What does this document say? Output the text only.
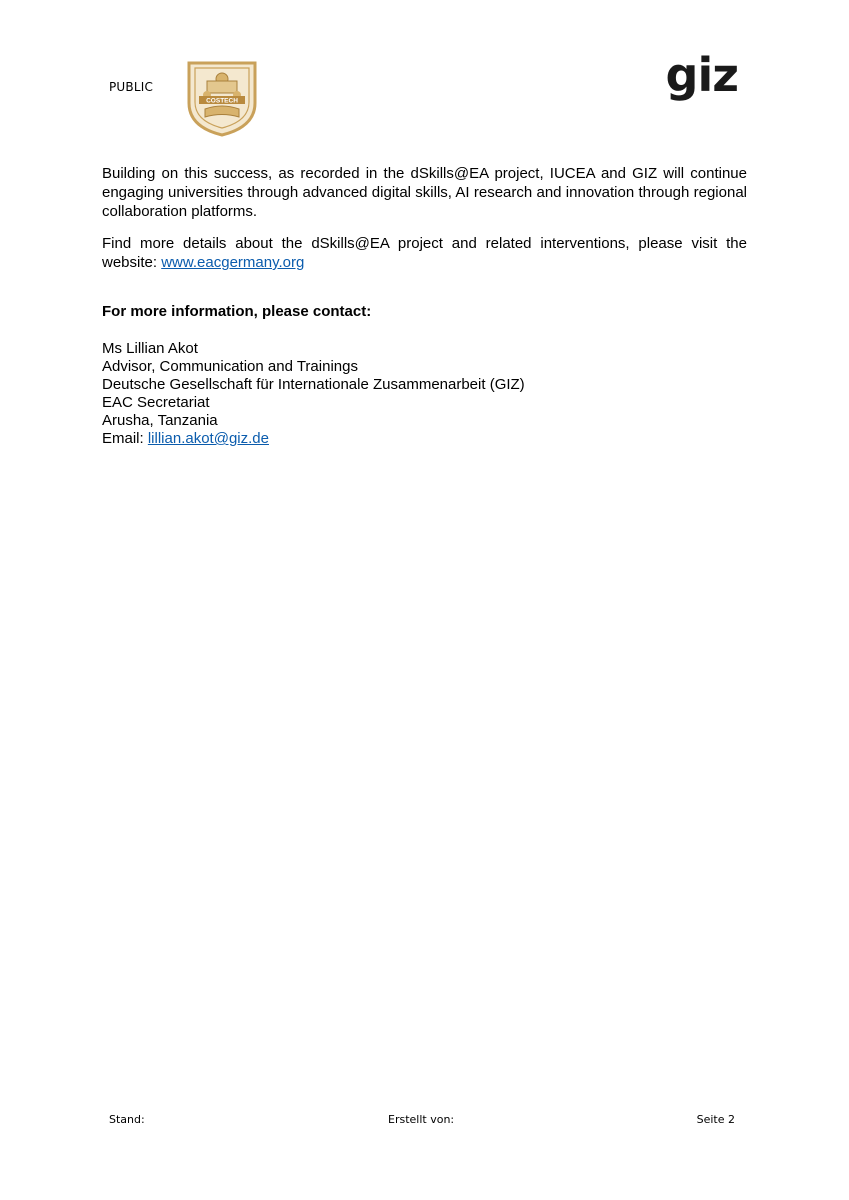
PUBLIC
COSTECH	giz

Building on this success, as recorded in the dSkills@EA project, IUCEA and GIZ will continue engaging universities through advanced digital skills, AI research and innovation through regional collaboration platforms.

Find more details about the dSkills@EA project and related interventions, please visit the website: www.eacgermany.org

For more information, please contact:
Ms Lillian Akot
Advisor, Communication and Trainings
Deutsche Gesellschaft für Internationale Zusammenarbeit (GIZ)
EAC Secretariat
Arusha, Tanzania
Email: lillian.akot@giz.de
Stand:	Erstellt von:	Seite 2
